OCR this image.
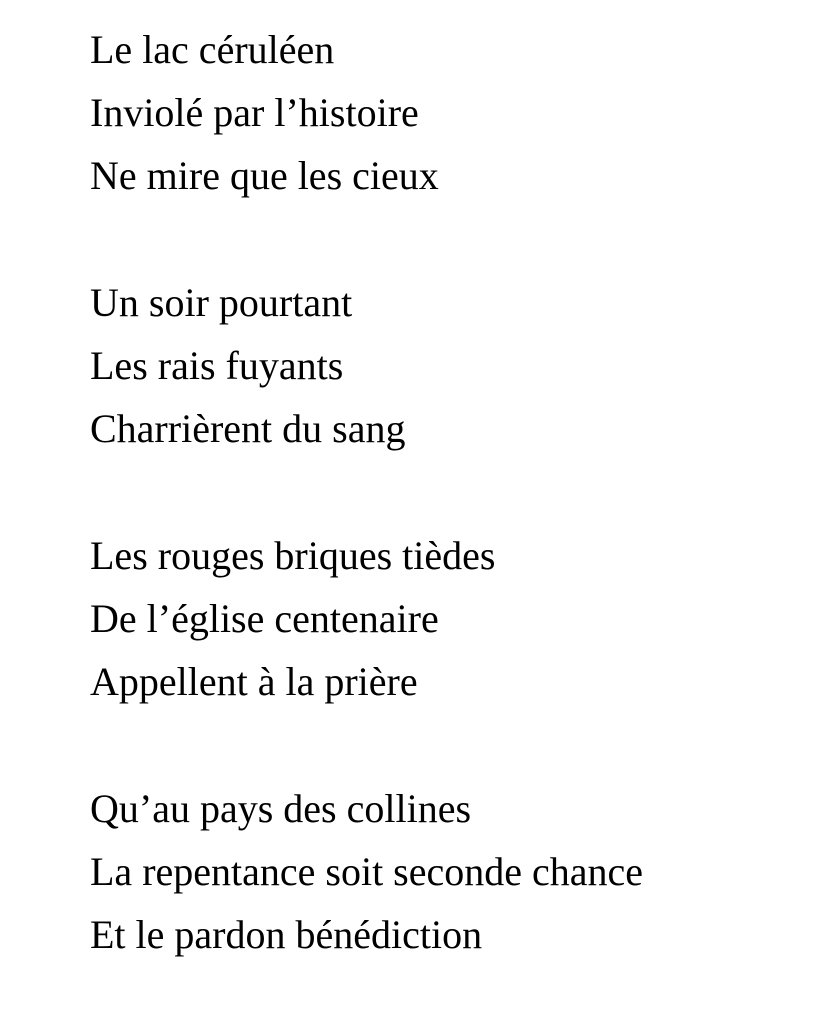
Le lac céruléen
Inviolé par l’histoire
Ne mire que les cieux
Un soir pourtant
Les rais fuyants
Charrièrent du sang
Les rouges briques tièdes
De l’église centenaire
Appellent à la prière
Qu’au pays des collines
La repentance soit seconde chance
Et le pardon bénédiction
